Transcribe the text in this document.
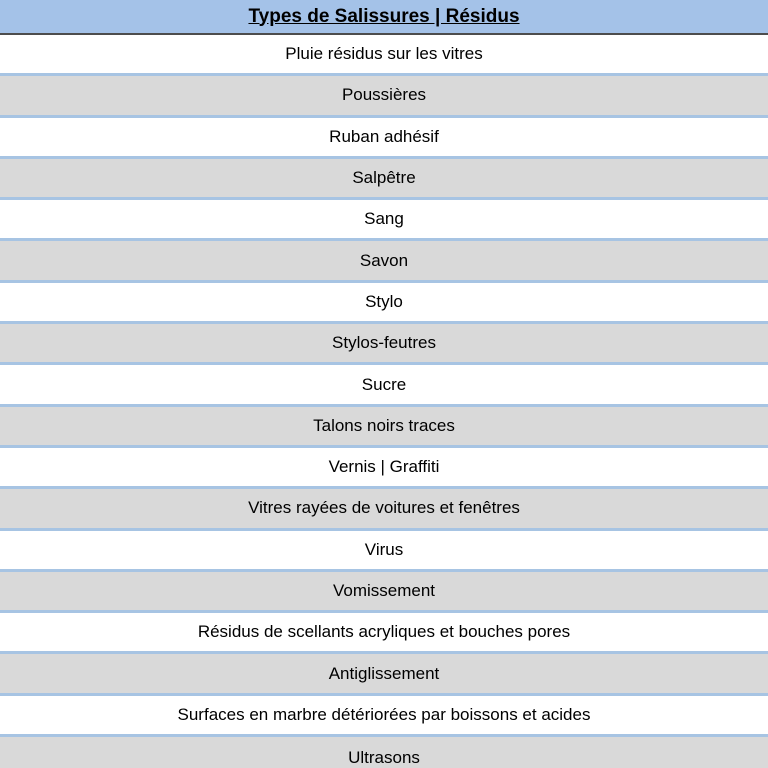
Types de Salissures | Résidus
Pluie résidus sur les vitres
Poussières
Ruban adhésif
Salpêtre
Sang
Savon
Stylo
Stylos-feutres
Sucre
Talons noirs traces
Vernis | Graffiti
Vitres rayées de voitures et fenêtres
Virus
Vomissement
Résidus de scellants acryliques et bouches pores
Antiglissement
Surfaces en marbre détériorées par boissons et acides
Ultrasons
